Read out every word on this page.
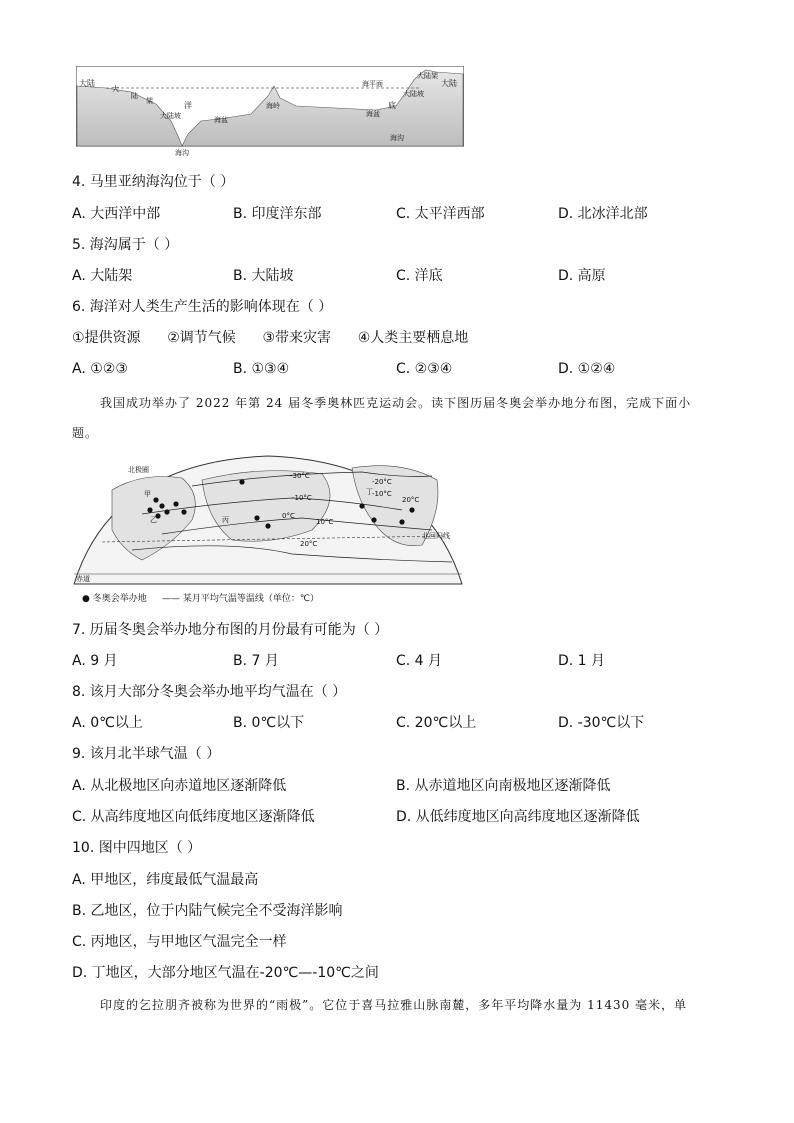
大陆	大陆
大
陆
架
大陆坡
洋
海盆
海岭
海平面
底
海盆
大陆架
大陆坡
海沟
海沟
4. 马里亚纳海沟位于（ ）
A. 大西洋中部	B. 印度洋东部	C. 太平洋西部	D. 北冰洋北部
5. 海沟属于（ ）
A. 大陆架	B. 大陆坡	C. 洋底	D. 高原
6. 海洋对人类生产生活的影响体现在（ ）
①提供资源      ②调节气候      ③带来灾害      ④人类主要栖息地
A. ①②③	B. ①③④	C. ②③④	D. ①②④
我国成功举办了 2022 年第 24 届冬季奥林匹克运动会。读下图历届冬奥会举办地分布图，完成下面小
题。
-30°C
-10°C
0°C
10°C
20°C
-20°C
-10°C
20°C
甲
乙	丙
丁
北极圈
北回归线
赤道
● 冬奥会举办地 —— 某月平均气温等温线（单位：℃）
7. 历届冬奥会举办地分布图的月份最有可能为（ ）
A. 9 月	B. 7 月	C. 4 月	D. 1 月
8. 该月大部分冬奥会举办地平均气温在（ ）
A. 0℃以上	B. 0℃以下	C. 20℃以上	D. -30℃以下
9. 该月北半球气温（ ）
A. 从北极地区向赤道地区逐渐降低	B. 从赤道地区向南极地区逐渐降低
C. 从高纬度地区向低纬度地区逐渐降低	D. 从低纬度地区向高纬度地区逐渐降低
10. 图中四地区（ ）
A. 甲地区，纬度最低气温最高
B. 乙地区，位于内陆气候完全不受海洋影响
C. 丙地区，与甲地区气温完全一样
D. 丁地区，大部分地区气温在-20℃—-10℃之间
印度的乞拉朋齐被称为世界的“雨极”。它位于喜马拉雅山脉南麓，多年平均降水量为 11430 毫米，单
